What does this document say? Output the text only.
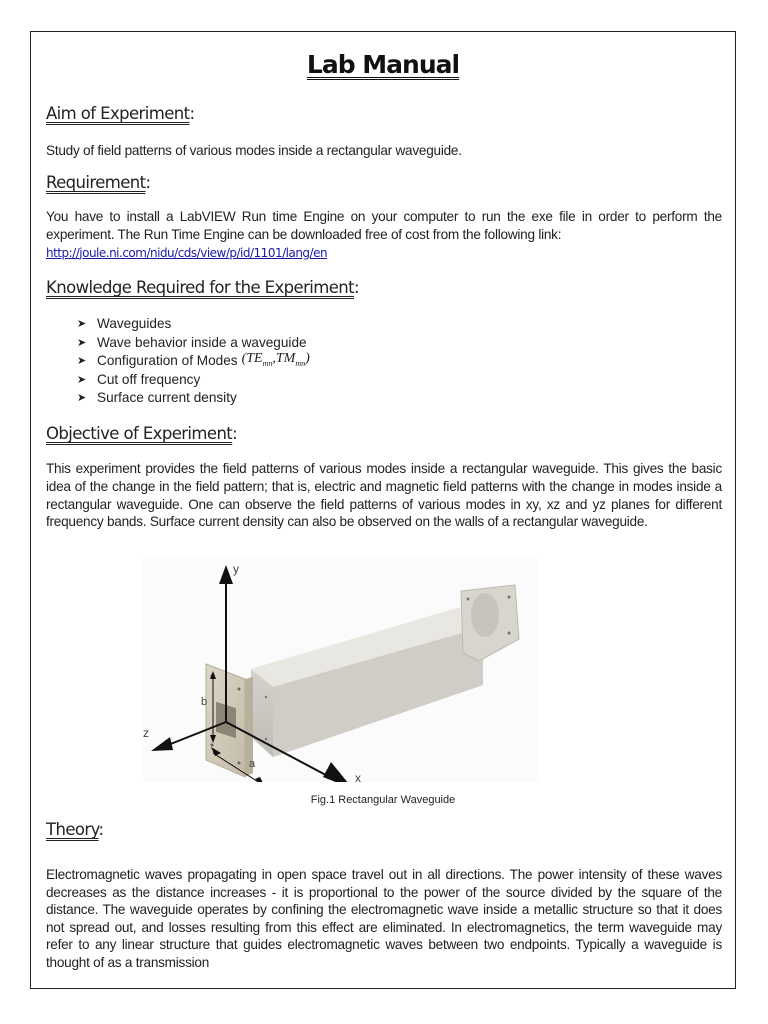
Lab Manual
Aim of Experiment:
Study of field patterns of various modes inside a rectangular waveguide.
Requirement:
You have to install a LabVIEW Run time Engine on your computer to run the exe file in order to perform the experiment. The Run Time Engine can be downloaded free of cost from the following link:
http://joule.ni.com/nidu/cds/view/p/id/1101/lang/en
Knowledge Required for the Experiment:
➤ Waveguides
➤ Wave behavior inside a waveguide
➤ Configuration of Modes $(TE_{mn},TM_{mn})$
➤ Cut off frequency
➤ Surface current density
Objective of Experiment:
This experiment provides the field patterns of various modes inside a rectangular waveguide. This gives the basic idea of the change in the field pattern; that is, electric and magnetic field patterns with the change in modes inside a rectangular waveguide. One can observe the field patterns of various modes in xy, xz and yz planes for different frequency bands. Surface current density can also be observed on the walls of a rectangular waveguide.
y
b
z
a
x
Fig.1 Rectangular Waveguide
Theory:
Electromagnetic waves propagating in open space travel out in all directions. The power intensity of these waves decreases as the distance increases - it is proportional to the power of the source divided by the square of the distance. The waveguide operates by confining the electromagnetic wave inside a metallic structure so that it does not spread out, and losses resulting from this effect are eliminated. In electromagnetics, the term waveguide may refer to any linear structure that guides electromagnetic waves between two endpoints. Typically a waveguide is thought of as a transmission
